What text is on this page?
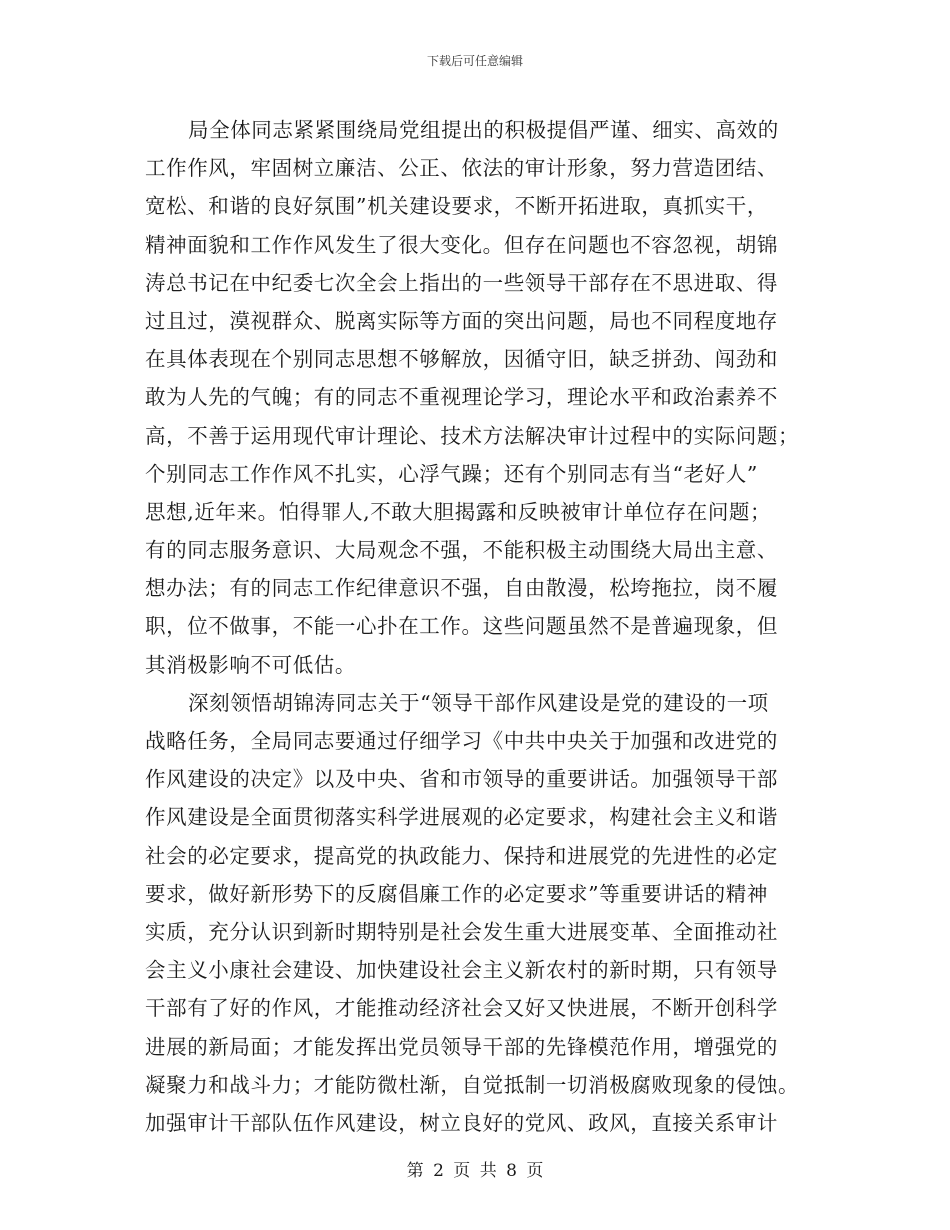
下载后可任意编辑
局全体同志紧紧围绕局党组提出的积极提倡严谨、细实、高效的
工作作风，牢固树立廉洁、公正、依法的审计形象，努力营造团结、
宽松、和谐的良好氛围”机关建设要求，不断开拓进取，真抓实干，
精神面貌和工作作风发生了很大变化。但存在问题也不容忽视，胡锦
涛总书记在中纪委七次全会上指出的一些领导干部存在不思进取、得
过且过，漠视群众、脱离实际等方面的突出问题，局也不同程度地存
在具体表现在个别同志思想不够解放，因循守旧，缺乏拼劲、闯劲和
敢为人先的气魄；有的同志不重视理论学习，理论水平和政治素养不
高，不善于运用现代审计理论、技术方法解决审计过程中的实际问题；
个别同志工作作风不扎实，心浮气躁；还有个别同志有当“老好人”
思想,近年来。怕得罪人,不敢大胆揭露和反映被审计单位存在问题；
有的同志服务意识、大局观念不强，不能积极主动围绕大局出主意、
想办法；有的同志工作纪律意识不强，自由散漫，松垮拖拉，岗不履
职，位不做事，不能一心扑在工作。这些问题虽然不是普遍现象，但
其消极影响不可低估。
深刻领悟胡锦涛同志关于“领导干部作风建设是党的建设的一项
战略任务，全局同志要通过仔细学习《中共中央关于加强和改进党的
作风建设的决定》以及中央、省和市领导的重要讲话。加强领导干部
作风建设是全面贯彻落实科学进展观的必定要求，构建社会主义和谐
社会的必定要求，提高党的执政能力、保持和进展党的先进性的必定
要求，做好新形势下的反腐倡廉工作的必定要求”等重要讲话的精神
实质，充分认识到新时期特别是社会发生重大进展变革、全面推动社
会主义小康社会建设、加快建设社会主义新农村的新时期，只有领导
干部有了好的作风，才能推动经济社会又好又快进展，不断开创科学
进展的新局面；才能发挥出党员领导干部的先锋模范作用，增强党的
凝聚力和战斗力；才能防微杜渐，自觉抵制一切消极腐败现象的侵蚀。
加强审计干部队伍作风建设，树立良好的党风、政风，直接关系审计
第 2 页 共 8 页
